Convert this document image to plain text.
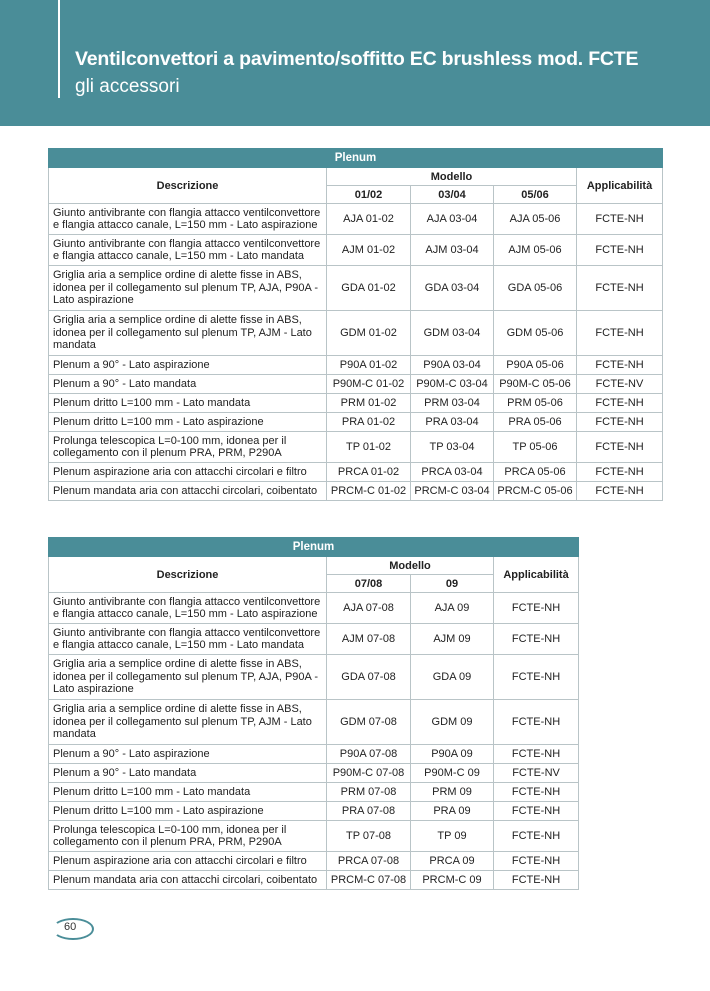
Ventilconvettori a pavimento/soffitto EC brushless mod. FCTE
gli accessori
Plenum				
Descrizione	Modello			Applicabilità
	01/02	03/04	05/06	
Giunto antivibrante con flangia attacco ventilconvettore e flangia attacco canale, L=150 mm - Lato aspirazione	AJA 01-02	AJA 03-04	AJA 05-06	FCTE-NH
Giunto antivibrante con flangia attacco ventilconvettore e flangia attacco canale, L=150 mm - Lato mandata	AJM 01-02	AJM 03-04	AJM 05-06	FCTE-NH
Griglia aria a semplice ordine di alette fisse in ABS, idonea per il collegamento sul plenum TP, AJA, P90A - Lato aspirazione	GDA 01-02	GDA 03-04	GDA 05-06	FCTE-NH
Griglia aria a semplice ordine di alette fisse in ABS, idonea per il collegamento sul plenum TP, AJM - Lato mandata	GDM 01-02	GDM 03-04	GDM 05-06	FCTE-NH
Plenum a 90° - Lato aspirazione	P90A 01-02	P90A 03-04	P90A 05-06	FCTE-NH
Plenum a 90° - Lato mandata	P90M-C 01-02	P90M-C 03-04	P90M-C 05-06	FCTE-NV
Plenum dritto L=100 mm - Lato mandata	PRM 01-02	PRM 03-04	PRM 05-06	FCTE-NH
Plenum dritto L=100 mm - Lato aspirazione	PRA 01-02	PRA 03-04	PRA 05-06	FCTE-NH
Prolunga telescopica L=0-100 mm, idonea per il collegamento con il plenum PRA, PRM, P290A	TP 01-02	TP 03-04	TP 05-06	FCTE-NH
Plenum aspirazione aria con attacchi circolari e filtro	PRCA 01-02	PRCA 03-04	PRCA 05-06	FCTE-NH
Plenum mandata aria con attacchi circolari, coibentato	PRCM-C 01-02	PRCM-C 03-04	PRCM-C 05-06	FCTE-NH
Plenum			
Descrizione	Modello		Applicabilità
	07/08	09	
Giunto antivibrante con flangia attacco ventilconvettore e flangia attacco canale, L=150 mm - Lato aspirazione	AJA 07-08	AJA 09	FCTE-NH
Giunto antivibrante con flangia attacco ventilconvettore e flangia attacco canale, L=150 mm - Lato mandata	AJM 07-08	AJM 09	FCTE-NH
Griglia aria a semplice ordine di alette fisse in ABS, idonea per il collegamento sul plenum TP, AJA, P90A - Lato aspirazione	GDA 07-08	GDA 09	FCTE-NH
Griglia aria a semplice ordine di alette fisse in ABS, idonea per il collegamento sul plenum TP, AJM - Lato mandata	GDM 07-08	GDM 09	FCTE-NH
Plenum a 90° - Lato aspirazione	P90A 07-08	P90A 09	FCTE-NH
Plenum a 90° - Lato mandata	P90M-C 07-08	P90M-C 09	FCTE-NV
Plenum dritto L=100 mm - Lato mandata	PRM 07-08	PRM 09	FCTE-NH
Plenum dritto L=100 mm - Lato aspirazione	PRA 07-08	PRA 09	FCTE-NH
Prolunga telescopica L=0-100 mm, idonea per il collegamento con il plenum PRA, PRM, P290A	TP 07-08	TP 09	FCTE-NH
Plenum aspirazione aria con attacchi circolari e filtro	PRCA 07-08	PRCA 09	FCTE-NH
Plenum mandata aria con attacchi circolari, coibentato	PRCM-C 07-08	PRCM-C 09	FCTE-NH
60
